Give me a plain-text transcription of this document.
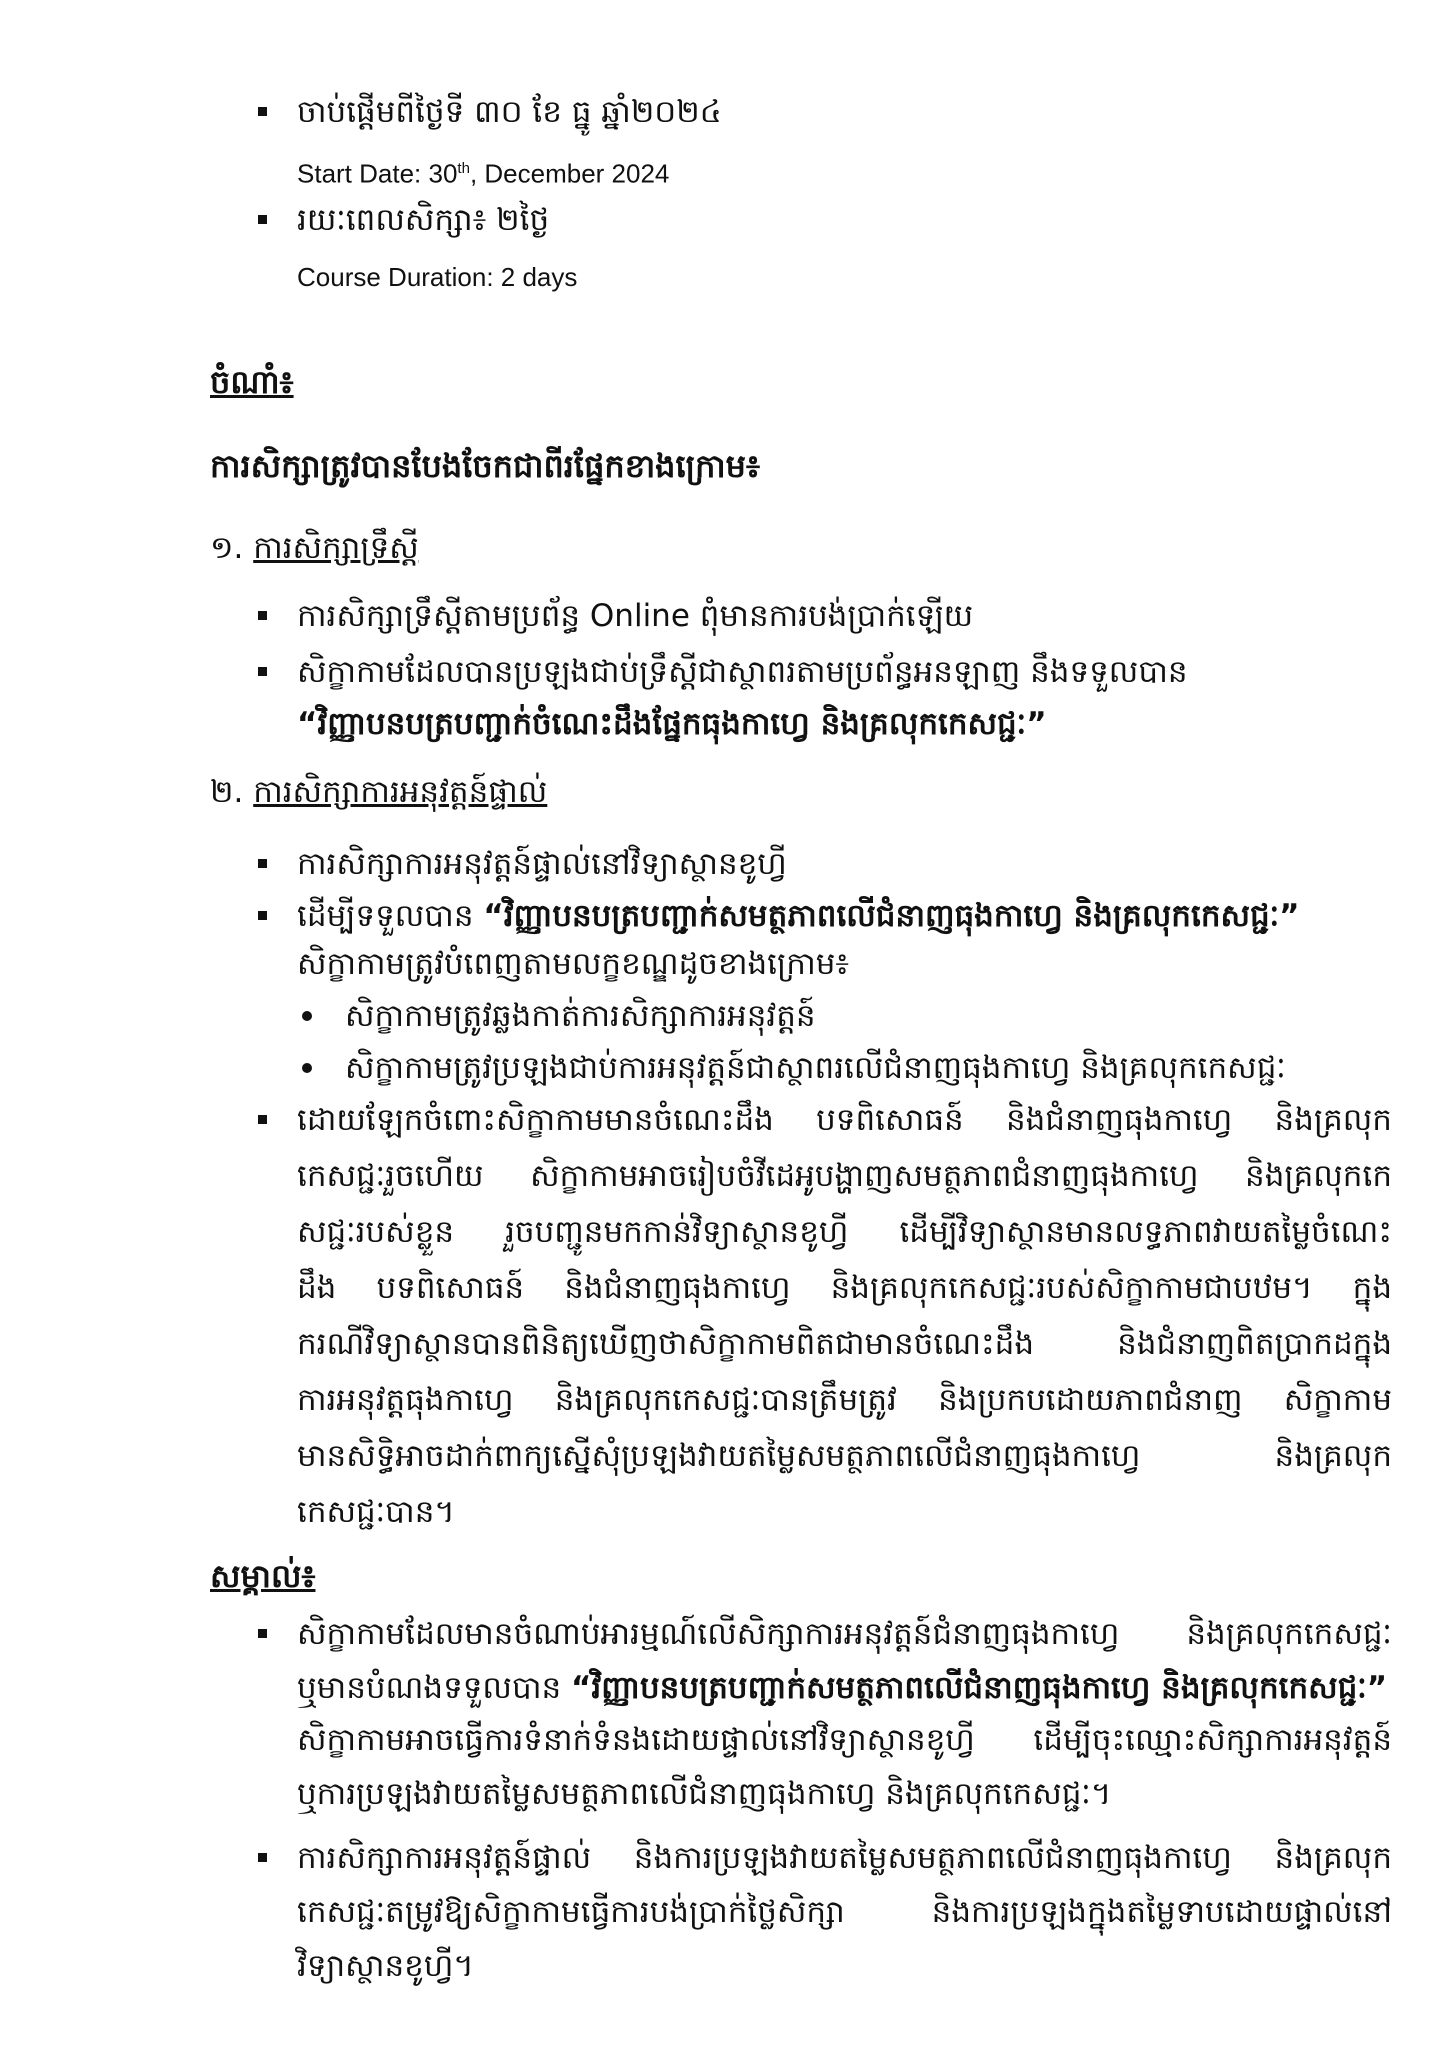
ចាប់ផ្តើមពីថ្ងៃទី ៣០ ខែ ធ្នូ ឆ្នាំ២០២៤
Start Date: 30th, December 2024
រយៈពេលសិក្សា៖ ២ថ្ងៃ
Course Duration: 2 days
ចំណាំ៖
ការសិក្សាត្រូវបានបែងចែកជាពីរផ្នែកខាងក្រោម៖
១. ការសិក្សាទ្រឹស្តី
ការសិក្សាទ្រឹស្តីតាមប្រព័ន្ធ Online ពុំមានការបង់ប្រាក់ឡើយ
សិក្ខាកាមដែលបានប្រឡងជាប់ទ្រឹស្តីជាស្ថាពរតាមប្រព័ន្ធអនឡាញ នឹងទទួលបាន
“វិញ្ញាបនបត្របញ្ជាក់ចំណេះដឹងផ្នែកធុងកាហ្វេ និងគ្រលុកកេសជ្ជៈ”
២. ការសិក្សាការអនុវត្តន៍ផ្ទាល់
ការសិក្សាការអនុវត្តន៍ផ្ទាល់នៅវិទ្យាស្ថានខូហ្វី
ដើម្បីទទួលបាន “វិញ្ញាបនបត្របញ្ជាក់សមត្ថភាពលើជំនាញធុងកាហ្វេ និងគ្រលុកកេសជ្ជៈ”
សិក្ខាកាមត្រូវបំពេញតាមលក្ខខណ្ឌដូចខាងក្រោម៖
សិក្ខាកាមត្រូវឆ្លងកាត់ការសិក្សាការអនុវត្តន៍
សិក្ខាកាមត្រូវប្រឡងជាប់ការអនុវត្តន៍ជាស្ថាពរលើជំនាញធុងកាហ្វេ និងគ្រលុកកេសជ្ជៈ
ដោយឡែកចំពោះសិក្ខាកាមមានចំណេះដឹង បទពិសោធន៍ និងជំនាញធុងកាហ្វេ និងគ្រលុក
កេសជ្ជៈរួចហើយ សិក្ខាកាមអាចរៀបចំវីដេអូបង្ហាញសមត្ថភាពជំនាញធុងកាហ្វេ និងគ្រលុកកេ
សជ្ជៈរបស់ខ្លួន រួចបញ្ជូនមកកាន់វិទ្យាស្ថានខូហ្វី ដើម្បីវិទ្យាស្ថានមានលទ្ធភាពវាយតម្លៃចំណេះ
ដឹង បទពិសោធន៍ និងជំនាញធុងកាហ្វេ និងគ្រលុកកេសជ្ជៈរបស់សិក្ខាកាមជាបឋម។ ក្នុង
ករណីវិទ្យាស្ថានបានពិនិត្យឃើញថាសិក្ខាកាមពិតជាមានចំណេះដឹង និងជំនាញពិតប្រាកដក្នុង
ការអនុវត្តធុងកាហ្វេ និងគ្រលុកកេសជ្ជៈបានត្រឹមត្រូវ និងប្រកបដោយភាពជំនាញ សិក្ខាកាម
មានសិទ្ធិអាចដាក់ពាក្យស្នើសុំប្រឡងវាយតម្លៃសមត្ថភាពលើជំនាញធុងកាហ្វេ និងគ្រលុក
កេសជ្ជៈបាន។
សម្គាល់៖
សិក្ខាកាមដែលមានចំណាប់អារម្មណ៍លើសិក្សាការអនុវត្តន៍ជំនាញធុងកាហ្វេ និងគ្រលុកកេសជ្ជៈ
ឬមានបំណងទទួលបាន “វិញ្ញាបនបត្របញ្ជាក់សមត្ថភាពលើជំនាញធុងកាហ្វេ និងគ្រលុកកេសជ្ជៈ”
សិក្ខាកាមអាចធ្វើការទំនាក់ទំនងដោយផ្ទាល់នៅវិទ្យាស្ថានខូហ្វី ដើម្បីចុះឈ្មោះសិក្សាការអនុវត្តន៍
ឬការប្រឡងវាយតម្លៃសមត្ថភាពលើជំនាញធុងកាហ្វេ និងគ្រលុកកេសជ្ជៈ។
ការសិក្សាការអនុវត្តន៍ផ្ទាល់ និងការប្រឡងវាយតម្លៃសមត្ថភាពលើជំនាញធុងកាហ្វេ និងគ្រលុក
កេសជ្ជៈតម្រូវឱ្យសិក្ខាកាមធ្វើការបង់ប្រាក់ថ្លៃសិក្សា និងការប្រឡងក្នុងតម្លៃទាបដោយផ្ទាល់នៅ
វិទ្យាស្ថានខូហ្វី។
